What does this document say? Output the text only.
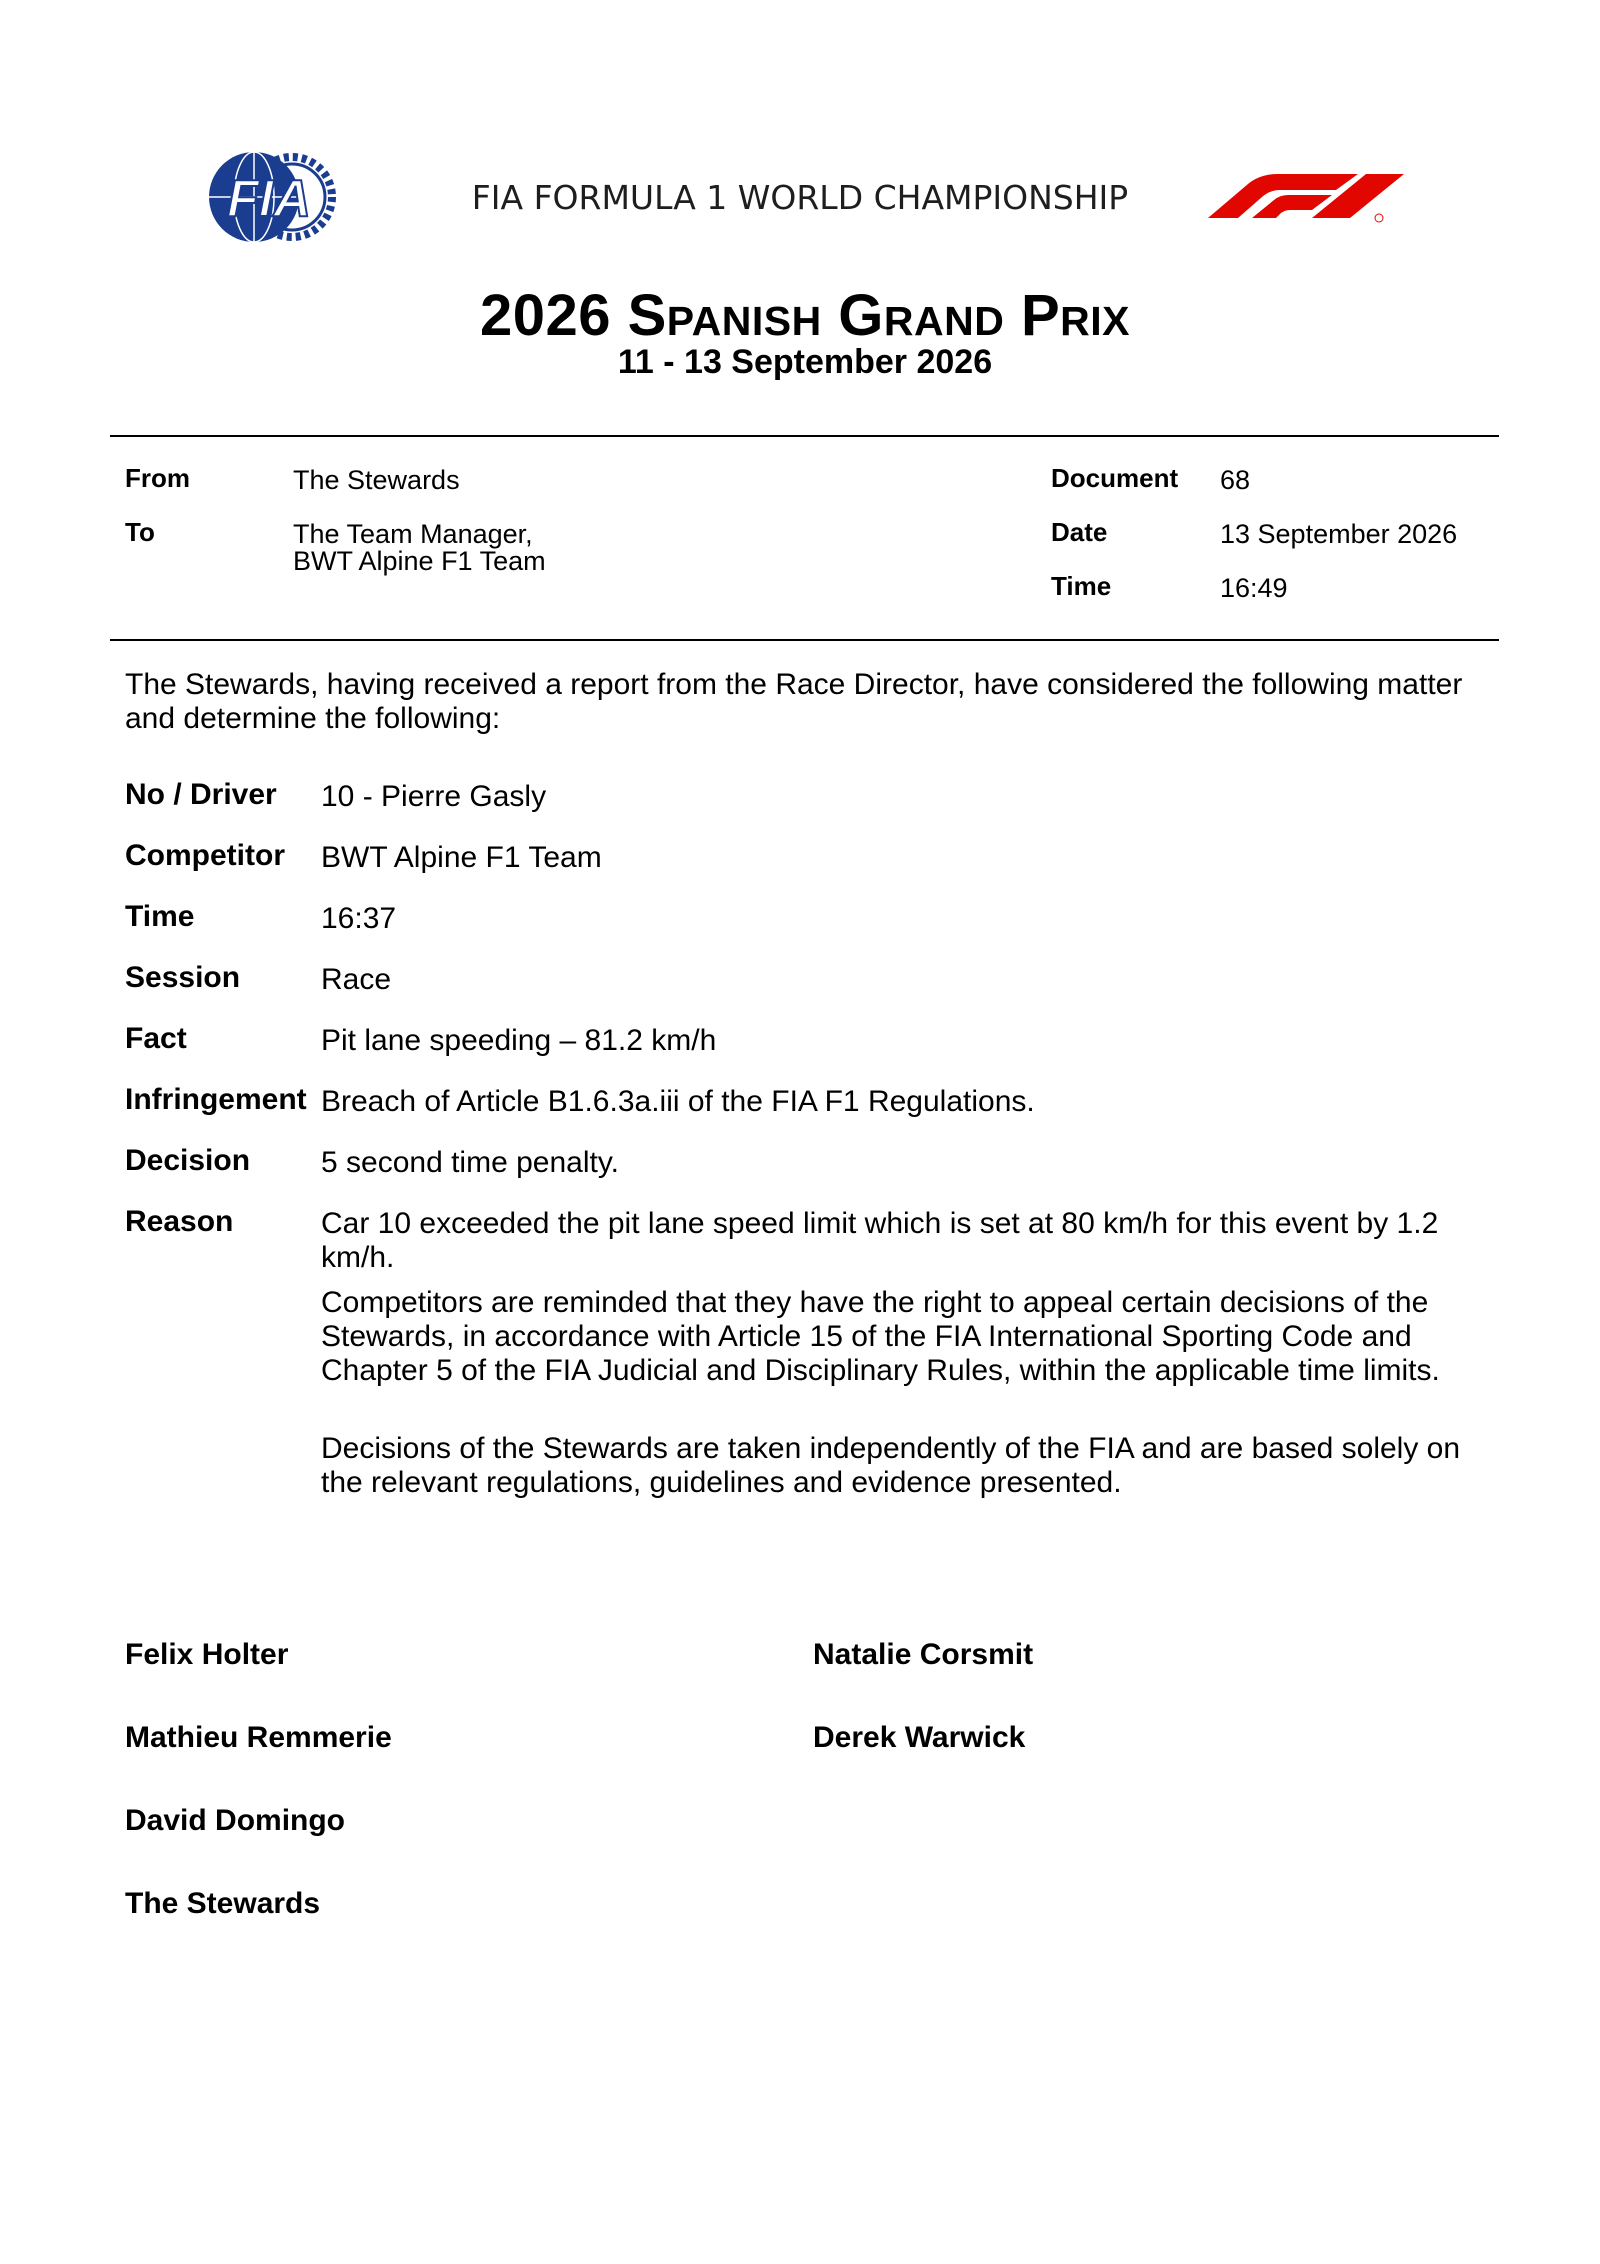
FIA	FIA FORMULA 1 WORLD CHAMPIONSHIP
2026 Spanish Grand Prix
11 - 13 September 2026
From	The Stewards
To	The Team Manager,
BWT Alpine F1 Team
Document 68
Date	13 September 2026
Time	16:49
The Stewards, having received a report from the Race Director, have considered the following matter and determine the following:
No / Driver 10 - Pierre Gasly
Competitor BWT Alpine F1 Team
Time	16:37
Session	Race
Fact	Pit lane speeding – 81.2 km/h
Infringement Breach of Article B1.6.3a.iii of the FIA F1 Regulations.
Decision 5 second time penalty.
Reason	Car 10 exceeded the pit lane speed limit which is set at 80 km/h for this event by 1.2 km/h.
Competitors are reminded that they have the right to appeal certain decisions of the Stewards, in accordance with Article 15 of the FIA International Sporting Code and Chapter 5 of the FIA Judicial and Disciplinary Rules, within the applicable time limits.
Decisions of the Stewards are taken independently of the FIA and are based solely on the relevant regulations, guidelines and evidence presented.
Felix Holter
Mathieu Remmerie
David Domingo
The Stewards
Natalie Corsmit
Derek Warwick
